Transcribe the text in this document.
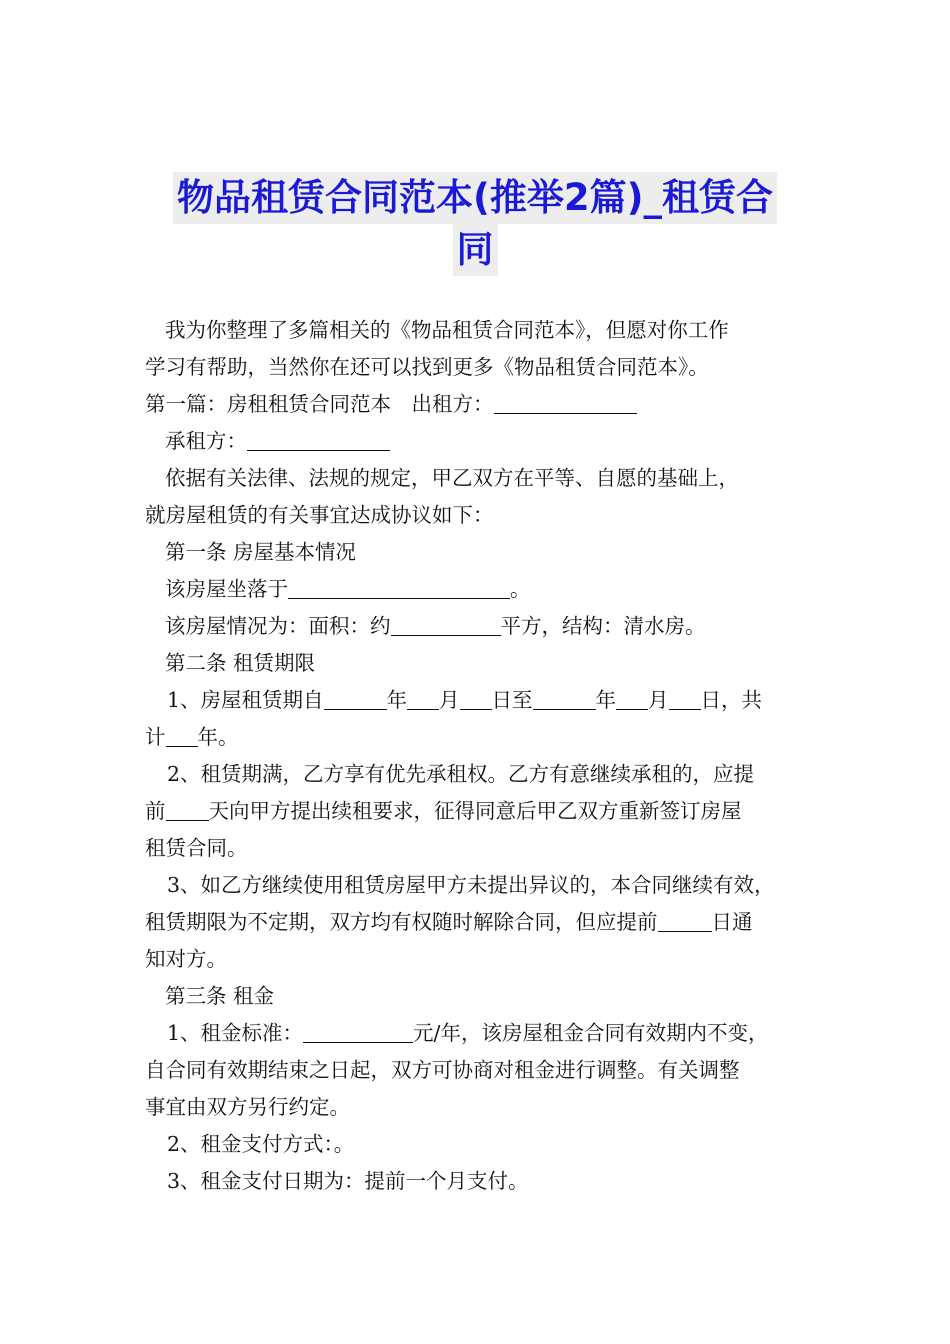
物品租赁合同范本(推举2篇)_租赁合
同

我为你整理了多篇相关的《物品租赁合同范本》，但愿对你工作

学习有帮助，当然你在还可以找到更多《物品租赁合同范本》。

第一篇：房租租赁合同范本　出租方：

承租方：

依据有关法律、法规的规定，甲乙双方在平等、自愿的基础上，

就房屋租赁的有关事宜达成协议如下：

第一条 房屋基本情况

该房屋坐落于	。

该房屋情况为：面积：约	平方，结构：清水房。

第二条 租赁期限

1、房屋租赁期自	年 月 日至	年 月 日，共

计 年。

2、租赁期满，乙方享有优先承租权。乙方有意继续承租的，应提

前 天向甲方提出续租要求，征得同意后甲乙双方重新签订房屋

租赁合同。

3、如乙方继续使用租赁房屋甲方未提出异议的，本合同继续有效，

租赁期限为不定期，双方均有权随时解除合同，但应提前	日通

知对方。

第三条 租金

1、租金标准：	元/年，该房屋租金合同有效期内不变，

自合同有效期结束之日起，双方可协商对租金进行调整。有关调整

事宜由双方另行约定。

2、租金支付方式：。

3、租金支付日期为：提前一个月支付。
